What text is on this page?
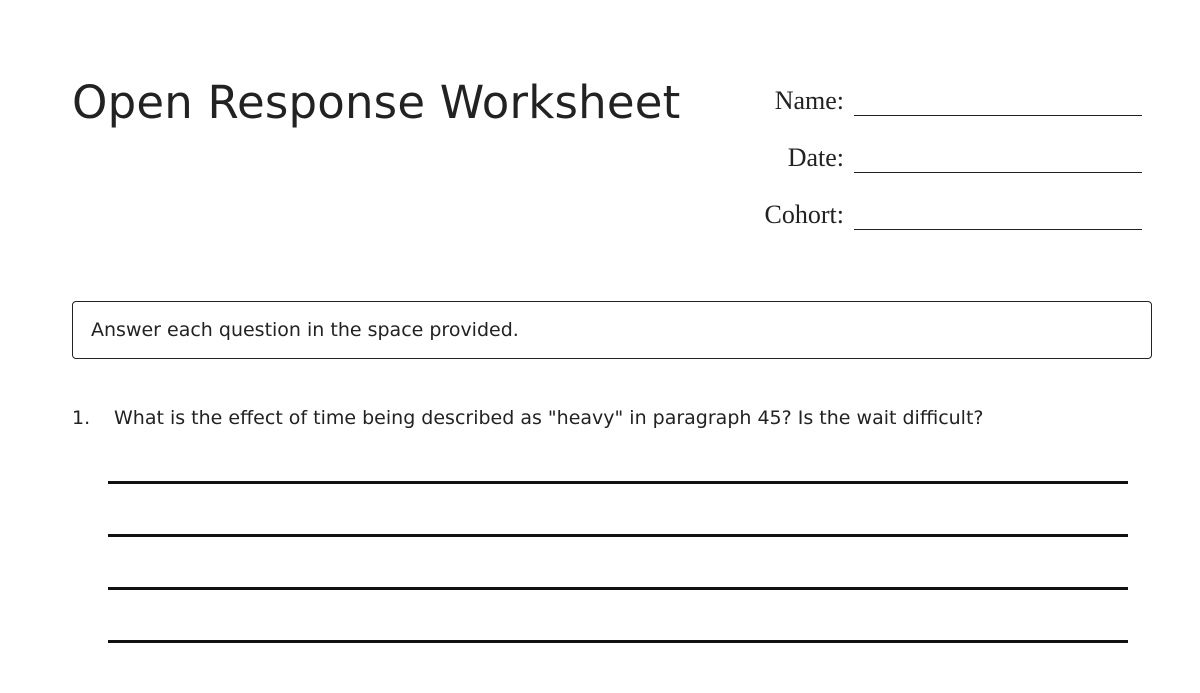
Open Response Worksheet	Name:
Date:
Cohort:
Answer each question in the space provided.
1.	What is the effect of time being described as "heavy" in paragraph 45? Is the wait difficult?
